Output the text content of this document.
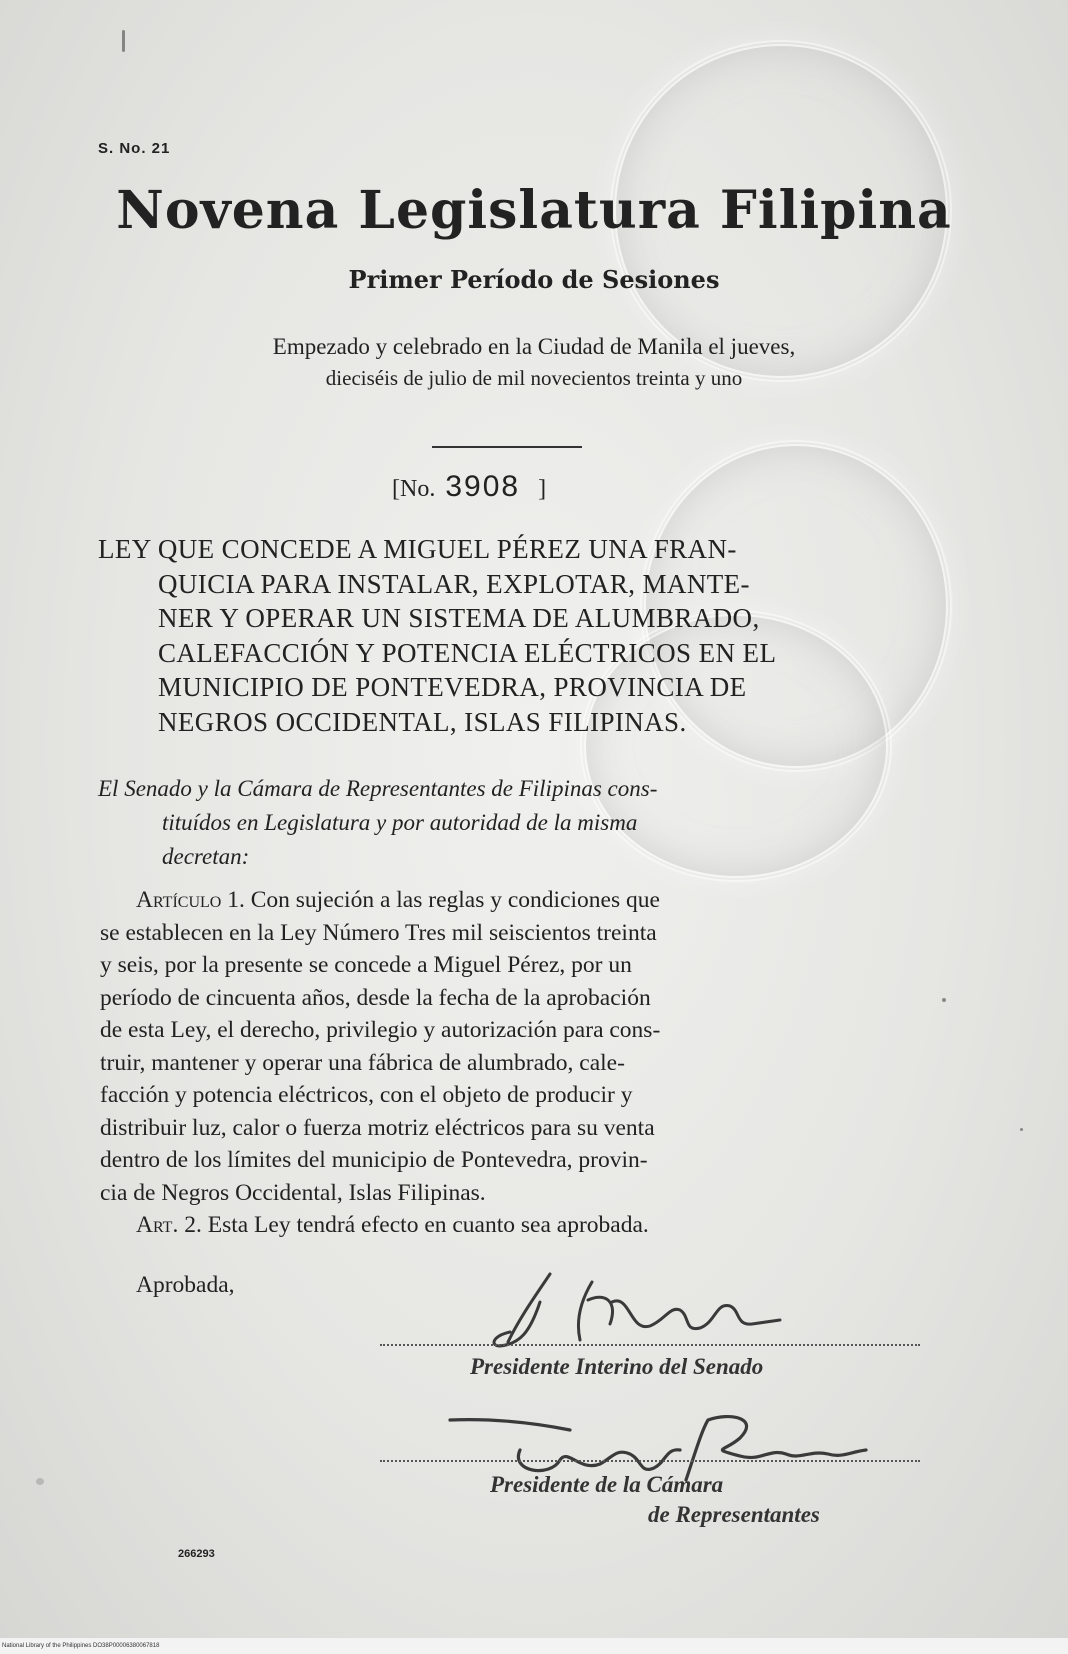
S. No. 21
Novena Legislatura Filipina
Primer Período de Sesiones
Empezado y celebrado en la Ciudad de Manila el jueves,
dieciséis de julio de mil novecientos treinta y uno
[No. 3908 ]
LEY QUE CONCEDE A MIGUEL PÉREZ UNA FRAN-
QUICIA PARA INSTALAR, EXPLOTAR, MANTE-
NER Y OPERAR UN SISTEMA DE ALUMBRADO,
CALEFACCIÓN Y POTENCIA ELÉCTRICOS EN EL
MUNICIPIO DE PONTEVEDRA, PROVINCIA DE
NEGROS OCCIDENTAL, ISLAS FILIPINAS.
El Senado y la Cámara de Representantes de Filipinas cons-
tituídos en Legislatura y por autoridad de la misma
decretan:
Artículo 1. Con sujeción a las reglas y condiciones que
se establecen en la Ley Número Tres mil seiscientos treinta
y seis, por la presente se concede a Miguel Pérez, por un
período de cincuenta años, desde la fecha de la aprobación
de esta Ley, el derecho, privilegio y autorización para cons-
truir, mantener y operar una fábrica de alumbrado, cale-
facción y potencia eléctricos, con el objeto de producir y
distribuir luz, calor o fuerza motriz eléctricos para su venta
dentro de los límites del municipio de Pontevedra, provin-
cia de Negros Occidental, Islas Filipinas.
Art. 2. Esta Ley tendrá efecto en cuanto sea aprobada.
Aprobada,
Presidente Interino del Senado
Presidente de la Cámara
de Representantes
266293
National Library of the Philippines DO38P00006380067818
